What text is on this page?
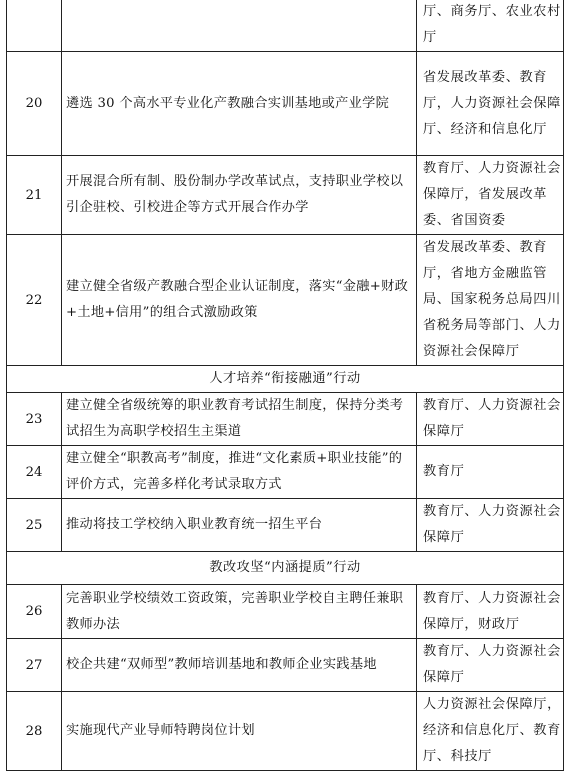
		厅、商务厅、农业农村厅
20	遴选 30 个高水平专业化产教融合实训基地或产业学院	省发展改革委、教育厅，人力资源社会保障厅、经济和信息化厅
21	开展混合所有制、股份制办学改革试点，支持职业学校以引企驻校、引校进企等方式开展合作办学	教育厅、人力资源社会保障厅，省发展改革委、省国资委
22	建立健全省级产教融合型企业认证制度，落实“金融+财政+土地+信用”的组合式激励政策	省发展改革委、教育厅，省地方金融监管局、国家税务总局四川省税务局等部门、人力资源社会保障厅
人才培养“衔接融通”行动		
23	建立健全省级统筹的职业教育考试招生制度，保持分类考试招生为高职学校招生主渠道	教育厅、人力资源社会保障厅
24	建立健全“职教高考”制度，推进“文化素质+职业技能”的评价方式，完善多样化考试录取方式	教育厅
25	推动将技工学校纳入职业教育统一招生平台	教育厅、人力资源社会保障厅
教改攻坚“内涵提质”行动		
26	完善职业学校绩效工资政策，完善职业学校自主聘任兼职教师办法	教育厅、人力资源社会保障厅，财政厅
27	校企共建“双师型”教师培训基地和教师企业实践基地	教育厅、人力资源社会保障厅
28	实施现代产业导师特聘岗位计划	人力资源社会保障厅，经济和信息化厅、教育厅、科技厅
